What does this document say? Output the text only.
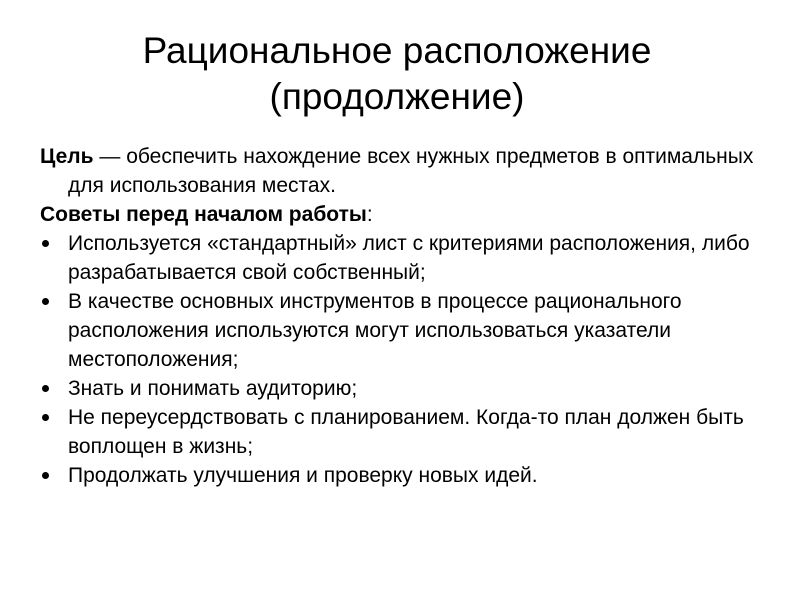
Рациональное расположение
(продолжение)

Цель — обеспечить нахождение всех нужных предметов в оптимальных для использования местах.

Советы перед началом работы:

Используется «стандартный» лист с критериями расположения, либо разрабатывается свой собственный;
В качестве основных инструментов в процессе рационального расположения используются могут использоваться указатели местоположения;
Знать и понимать аудиторию;
Не переусердствовать с планированием. Когда-то план должен быть воплощен в жизнь;
Продолжать улучшения и проверку новых идей.
